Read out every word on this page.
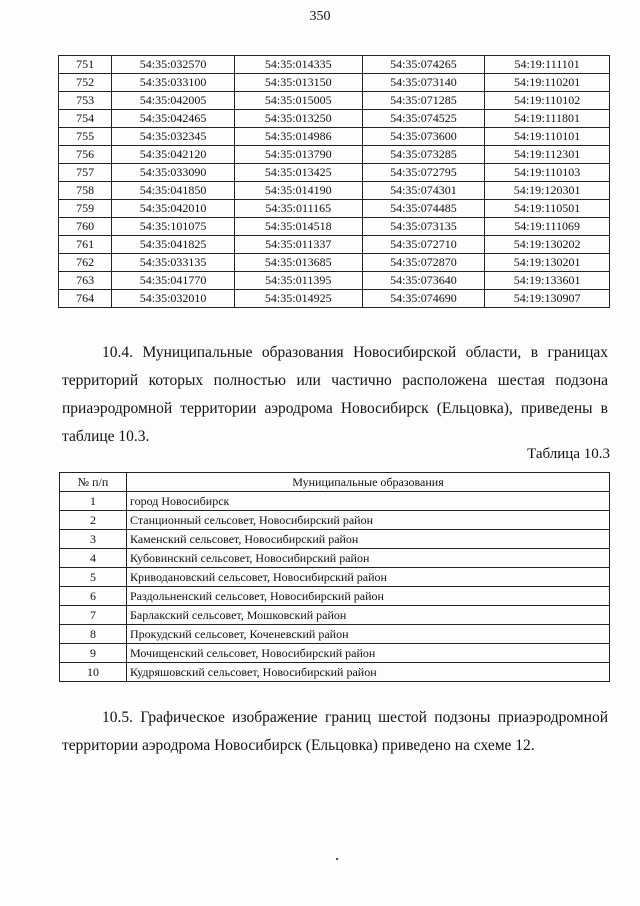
350
751	54:35:032570	54:35:014335	54:35:074265	54:19:111101
752	54:35:033100	54:35:013150	54:35:073140	54:19:110201
753	54:35:042005	54:35:015005	54:35:071285	54:19:110102
754	54:35:042465	54:35:013250	54:35:074525	54:19:111801
755	54:35:032345	54:35:014986	54:35:073600	54:19:110101
756	54:35:042120	54:35:013790	54:35:073285	54:19:112301
757	54:35:033090	54:35:013425	54:35:072795	54:19:110103
758	54:35:041850	54:35:014190	54:35:074301	54:19:120301
759	54:35:042010	54:35:011165	54:35:074485	54:19:110501
760	54:35:101075	54:35:014518	54:35:073135	54:19:111069
761	54:35:041825	54:35:011337	54:35:072710	54:19:130202
762	54:35:033135	54:35:013685	54:35:072870	54:19:130201
763	54:35:041770	54:35:011395	54:35:073640	54:19:133601
764	54:35:032010	54:35:014925	54:35:074690	54:19:130907

10.4. Муниципальные образования Новосибирской области, в границах территорий которых полностью или частично расположена шестая подзона приаэродромной территории аэродрома Новосибирск (Ельцовка), приведены в таблице 10.3.

Таблица 10.3
№ п/п	Муниципальные образования
1	город Новосибирск
2	Станционный сельсовет, Новосибирский район
3	Каменский сельсовет, Новосибирский район
4	Кубовинский сельсовет, Новосибирский район
5	Криводановский сельсовет, Новосибирский район
6	Раздольненский сельсовет, Новосибирский район
7	Барлакский сельсовет, Мошковский район
8	Прокудский сельсовет, Коченевский район
9	Мочищенский сельсовет, Новосибирский район
10	Кудряшовский сельсовет, Новосибирский район

10.5. Графическое изображение границ шестой подзоны приаэродромной территории аэродрома Новосибирск (Ельцовка) приведено на схеме 12.
